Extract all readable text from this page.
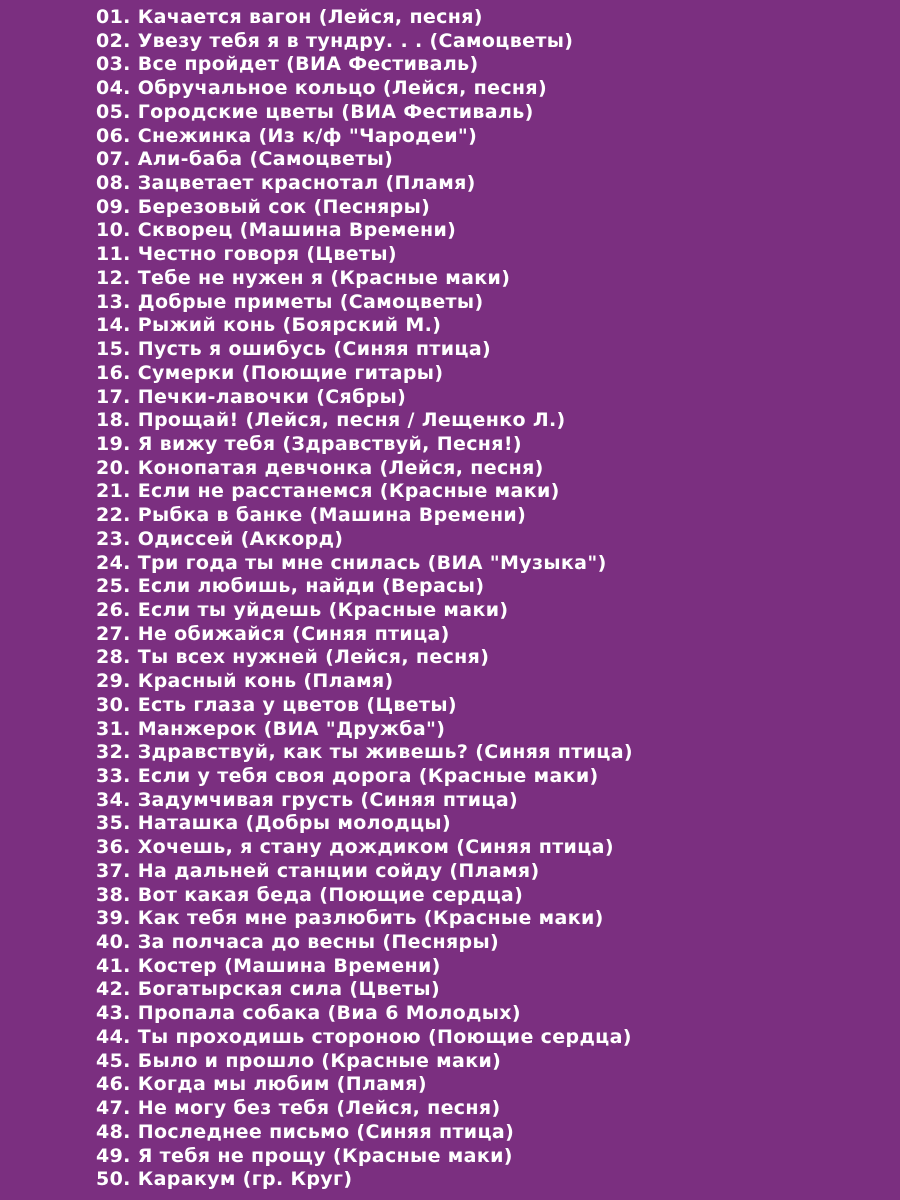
01. Качается вагон (Лейся, песня)
02. Увезу тебя я в тундру. . . (Самоцветы)
03. Все пройдет (ВИА Фестиваль)
04. Обручальное кольцо (Лейся, песня)
05. Городские цветы (ВИА Фестиваль)
06. Снежинка (Из к/ф "Чародеи")
07. Али-баба (Самоцветы)
08. Зацветает краснотал (Пламя)
09. Березовый сок (Песняры)
10. Скворец (Машина Времени)
11. Честно говоря (Цветы)
12. Тебе не нужен я (Красные маки)
13. Добрые приметы (Самоцветы)
14. Рыжий конь (Боярский М.)
15. Пусть я ошибусь (Синяя птица)
16. Сумерки (Поющие гитары)
17. Печки-лавочки (Сябры)
18. Прощай! (Лейся, песня / Лещенко Л.)
19. Я вижу тебя (Здравствуй, Песня!)
20. Конопатая девчонка (Лейся, песня)
21. Если не расстанемся (Красные маки)
22. Рыбка в банке (Машина Времени)
23. Одиссей (Аккорд)
24. Три года ты мне снилась (ВИА "Музыка")
25. Если любишь, найди (Верасы)
26. Если ты уйдешь (Красные маки)
27. Не обижайся (Синяя птица)
28. Ты всех нужней (Лейся, песня)
29. Красный конь (Пламя)
30. Есть глаза у цветов (Цветы)
31. Манжерок (ВИА "Дружба")
32. Здравствуй, как ты живешь? (Синяя птица)
33. Если у тебя своя дорога (Красные маки)
34. Задумчивая грусть (Синяя птица)
35. Наташка (Добры молодцы)
36. Хочешь, я стану дождиком (Синяя птица)
37. На дальней станции сойду (Пламя)
38. Вот какая беда (Поющие сердца)
39. Как тебя мне разлюбить (Красные маки)
40. За полчаса до весны (Песняры)
41. Костер (Машина Времени)
42. Богатырская сила (Цветы)
43. Пропала собака (Виа 6 Молодых)
44. Ты проходишь стороною (Поющие сердца)
45. Было и прошло (Красные маки)
46. Когда мы любим (Пламя)
47. Не могу без тебя (Лейся, песня)
48. Последнее письмо (Синяя птица)
49. Я тебя не прощу (Красные маки)
50. Каракум (гр. Круг)
